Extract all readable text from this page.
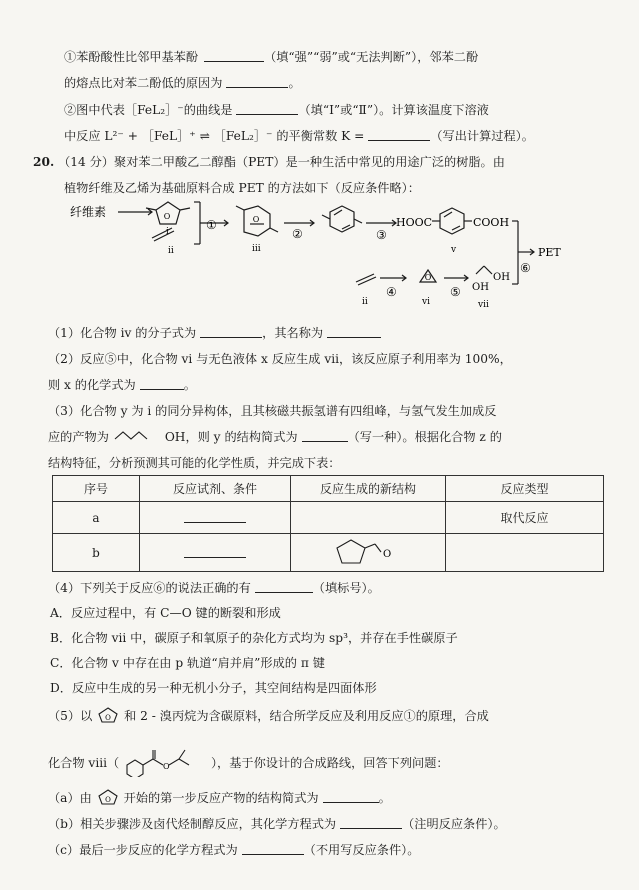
①苯酚酸性比邻甲基苯酚	（填“强”“弱”或“无法判断”），邻苯二酚
的熔点比对苯二酚低的原因为	。
②图中代表［FeL₂］⁻的曲线是	（填“Ⅰ”或“Ⅱ”）。计算该温度下溶液
中反应 L²⁻ + ［FeL］⁺ ⇌ ［FeL₂］⁻ 的平衡常数 K =	（写出计算过程）。
20. （14 分）聚对苯二甲酸乙二醇酯（PET）是一种生活中常见的用途广泛的树脂。由
植物纤维及乙烯为基础原料合成 PET 的方法如下（反应条件略）：
纤维素	O
i
ii
①	O
iii
②	③
HOOC	COOH
v	PET
⑥
ii
④
O
vi
⑤
OH
OH
vii
（1）化合物 iv 的分子式为	，其名称为
（2）反应⑤中，化合物 vi 与无色液体 x 反应生成 vii，该反应原子利用率为 100%，
则 x 的化学式为	。
（3）化合物 y 为 i 的同分异构体，且其核磁共振氢谱有四组峰，与氢气发生加成反
应的产物为	OH，则 y 的结构简式为	（写一种）。根据化合物 z 的
结构特征，分析预测其可能的化学性质，并完成下表：
序号	反应试剂、条件	反应生成的新结构	反应类型
a			取代反应
b		O	

（4）下列关于反应⑥的说法正确的有	（填标号）。
A．反应过程中，有 C—O 键的断裂和形成
B．化合物 vii 中，碳原子和氧原子的杂化方式均为 sp³，并存在手性碳原子
C．化合物 v 中存在由 p 轨道“肩并肩”形成的 π 键
D．反应中生成的另一种无机小分子，其空间结构是四面体形
（5）以 O 和 2 - 溴丙烷为含碳原料，结合所学反应及利用反应①的原理，合成
化合物 viii（	O	），基于你设计的合成路线，回答下列问题：
（a）由 O 开始的第一步反应产物的结构简式为	。
（b）相关步骤涉及卤代烃制醇反应，其化学方程式为	（注明反应条件）。
（c）最后一步反应的化学方程式为	（不用写反应条件）。
